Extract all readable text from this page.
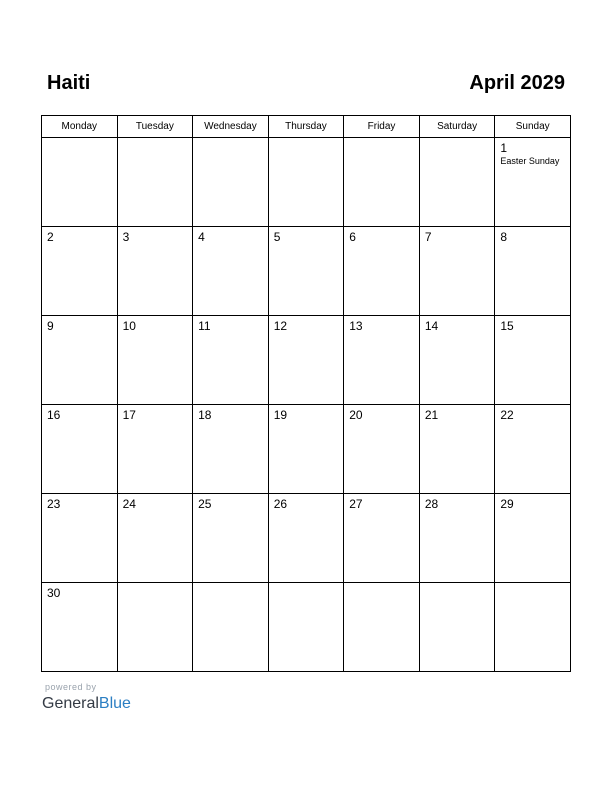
Haiti	April 2029
Monday	Tuesday	Wednesday	Thursday	Friday	Saturday	Sunday

						1
Easter Sunday

2	3	4	5	6	7	8

9	10	11	12	13	14	15

16	17	18	19	20	21	22

23	24	25	26	27	28	29

30						

powered by
GeneralBlue
